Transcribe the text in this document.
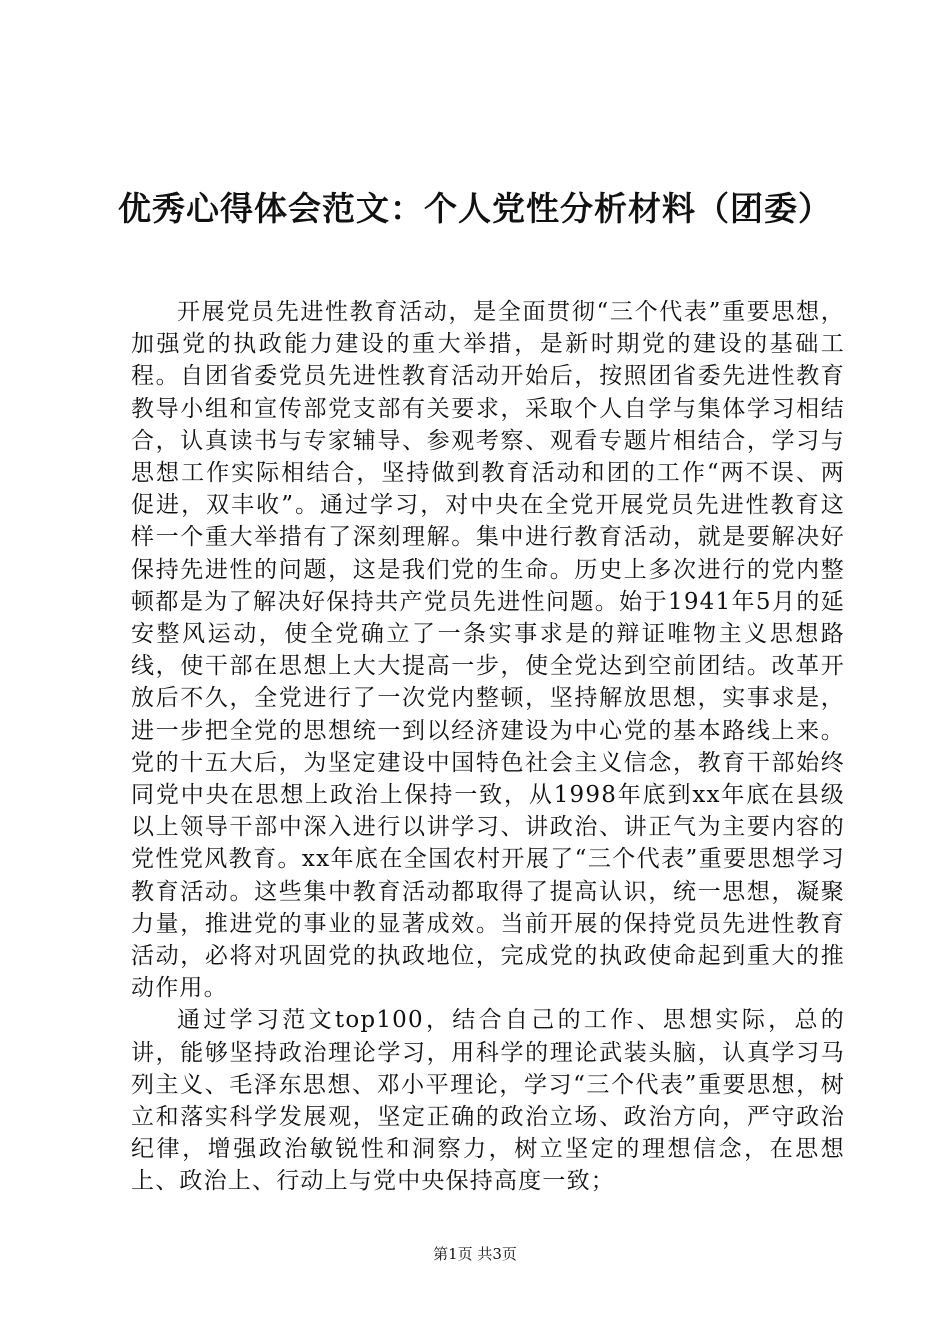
优秀心得体会范文：个人党性分析材料（团委）

开展党员先进性教育活动，是全面贯彻“三个代表”重要思想，加强党的执政能力建设的重大举措，是新时期党的建设的基础工程。自团省委党员先进性教育活动开始后，按照团省委先进性教育教导小组和宣传部党支部有关要求，采取个人自学与集体学习相结合，认真读书与专家辅导、参观考察、观看专题片相结合，学习与思想工作实际相结合，坚持做到教育活动和团的工作“两不误、两促进，双丰收”。通过学习，对中央在全党开展党员先进性教育这样一个重大举措有了深刻理解。集中进行教育活动，就是要解决好保持先进性的问题，这是我们党的生命。历史上多次进行的党内整顿都是为了解决好保持共产党员先进性问题。始于1941年5月的延安整风运动，使全党确立了一条实事求是的辩证唯物主义思想路线，使干部在思想上大大提高一步，使全党达到空前团结。改革开放后不久，全党进行了一次党内整顿，坚持解放思想，实事求是，进一步把全党的思想统一到以经济建设为中心党的基本路线上来。党的十五大后，为坚定建设中国特色社会主义信念，教育干部始终同党中央在思想上政治上保持一致，从1998年底到xx年底在县级以上领导干部中深入进行以讲学习、讲政治、讲正气为主要内容的党性党风教育。xx年底在全国农村开展了“三个代表”重要思想学习教育活动。这些集中教育活动都取得了提高认识，统一思想，凝聚力量，推进党的事业的显著成效。当前开展的保持党员先进性教育活动，必将对巩固党的执政地位，完成党的执政使命起到重大的推动作用。

通过学习范文top100，结合自己的工作、思想实际，总的讲，能够坚持政治理论学习，用科学的理论武装头脑，认真学习马列主义、毛泽东思想、邓小平理论，学习“三个代表”重要思想，树立和落实科学发展观，坚定正确的政治立场、政治方向，严守政治纪律，增强政治敏锐性和洞察力，树立坚定的理想信念，在思想上、政治上、行动上与党中央保持高度一致；

第1页 共3页
